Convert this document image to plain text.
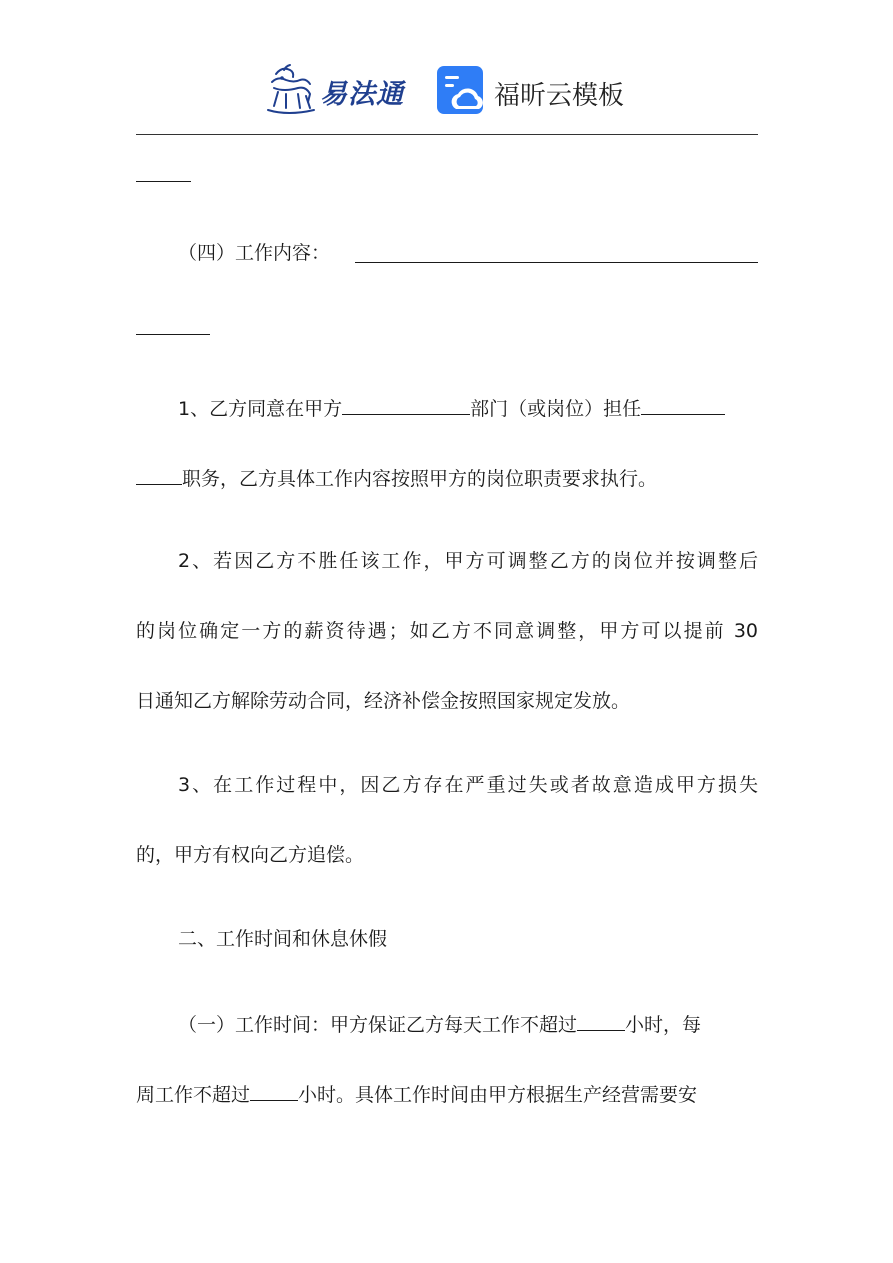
易法通	福昕云模板
（四）工作内容：
1、乙方同意在甲方	部门（或岗位）担任
职务，乙方具体工作内容按照甲方的岗位职责要求执行。
2、若因乙方不胜任该工作，甲方可调整乙方的岗位并按调整后
的岗位确定一方的薪资待遇；如乙方不同意调整，甲方可以提前 30
日通知乙方解除劳动合同，经济补偿金按照国家规定发放。
3、在工作过程中，因乙方存在严重过失或者故意造成甲方损失
的，甲方有权向乙方追偿。
二、工作时间和休息休假
（一）工作时间：甲方保证乙方每天工作不超过	小时，每
周工作不超过	小时。具体工作时间由甲方根据生产经营需要安
